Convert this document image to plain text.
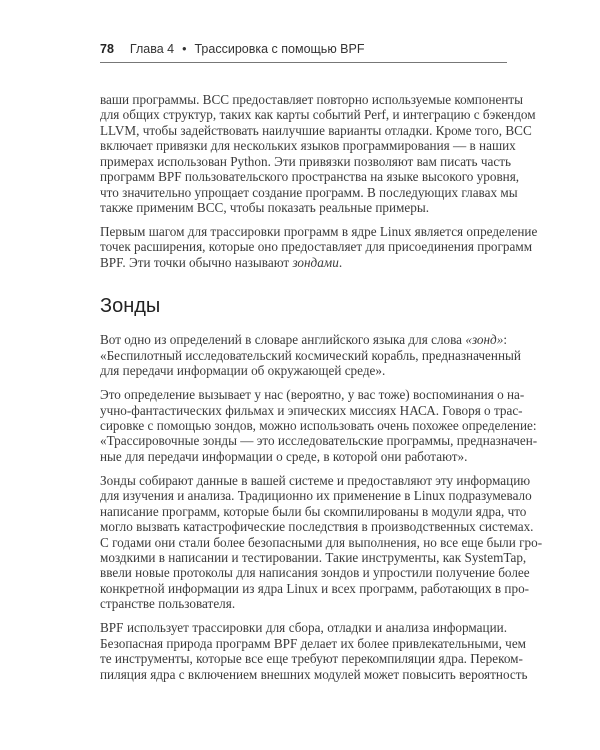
78 Глава 4 • Трассировка с помощью BPF
ваши программы. BCC предоставляет повторно используемые компоненты
для общих структур, таких как карты событий Perf, и интеграцию с бэкендом
LLVM, чтобы задействовать наилучшие варианты отладки. Кроме того, BCC
включает привязки для нескольких языков программирования — в наших
примерах использован Python. Эти привязки позволяют вам писать часть
программ BPF пользовательского пространства на языке высокого уровня,
что значительно упрощает создание программ. В последующих главах мы
также применим BCC, чтобы показать реальные примеры.
Первым шагом для трассировки программ в ядре Linux является определение
точек расширения, которые оно предоставляет для присоединения программ
BPF. Эти точки обычно называют зондами.
Зонды
Вот одно из определений в словаре английского языка для слова «зонд»:
«Беспилотный исследовательский космический корабль, предназначенный
для передачи информации об окружающей среде».
Это определение вызывает у нас (вероятно, у вас тоже) воспоминания о на-
учно-фантастических фильмах и эпических миссиях НАСА. Говоря о трас-
сировке с помощью зондов, можно использовать очень похожее определение:
«Трассировочные зонды — это исследовательские программы, предназначен-
ные для передачи информации о среде, в которой они работают».
Зонды собирают данные в вашей системе и предоставляют эту информацию
для изучения и анализа. Традиционно их применение в Linux подразумевало
написание программ, которые были бы скомпилированы в модули ядра, что
могло вызвать катастрофические последствия в производственных системах.
С годами они стали более безопасными для выполнения, но все еще были гро-
моздкими в написании и тестировании. Такие инструменты, как SystemTap,
ввели новые протоколы для написания зондов и упростили получение более
конкретной информации из ядра Linux и всех программ, работающих в про-
странстве пользователя.
BPF использует трассировки для сбора, отладки и анализа информации.
Безопасная природа программ BPF делает их более привлекательными, чем
те инструменты, которые все еще требуют перекомпиляции ядра. Переком-
пиляция ядра с включением внешних модулей может повысить вероятность
